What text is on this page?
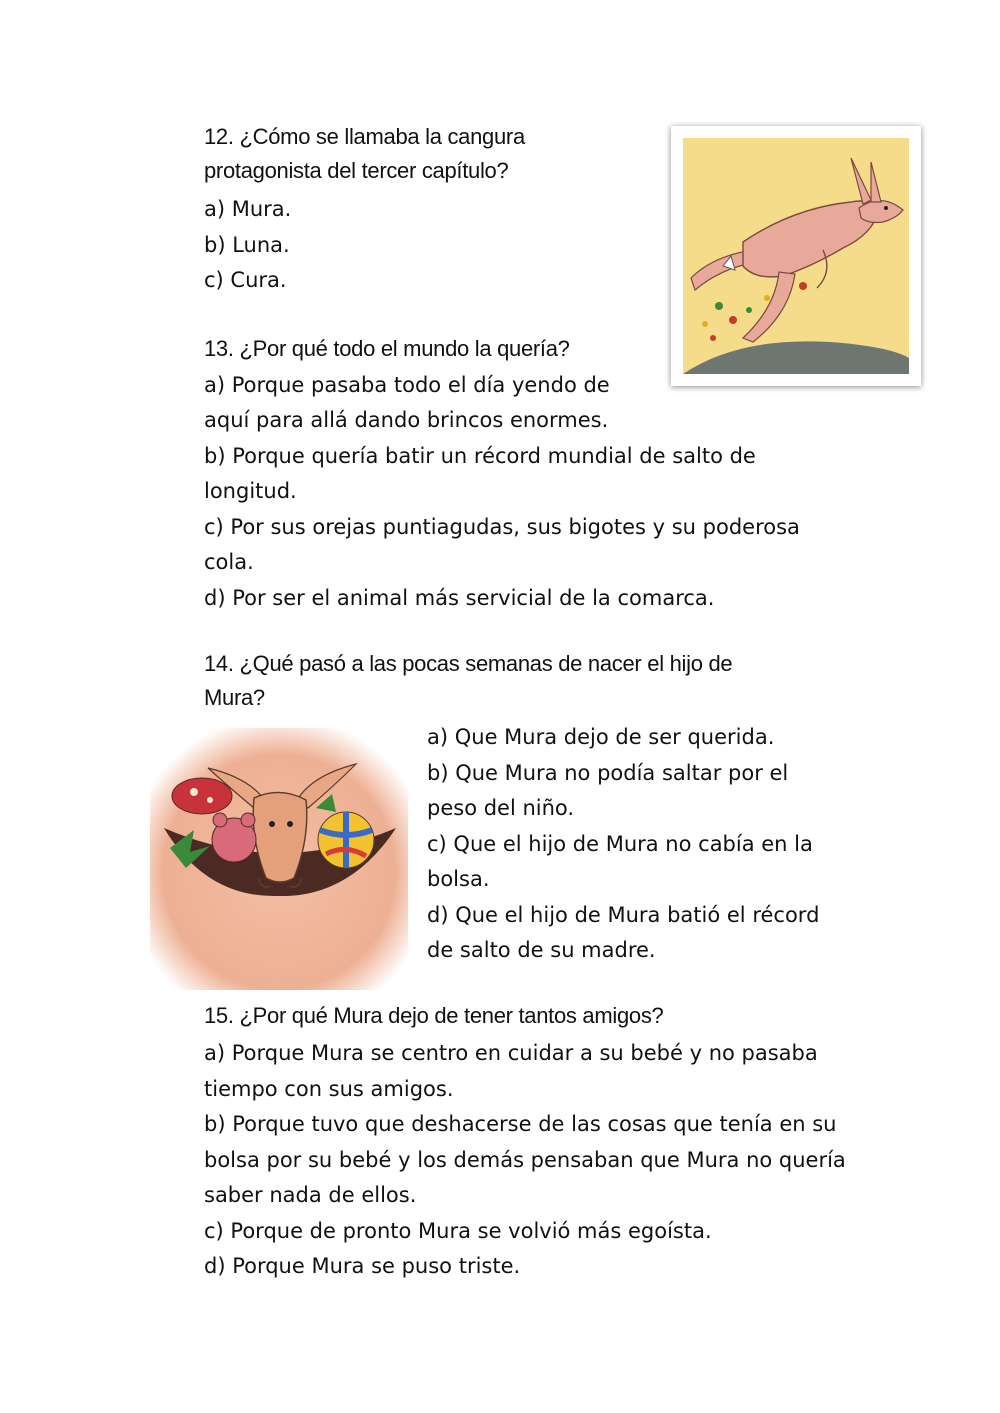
12. ¿Cómo se llamaba la cangura
protagonista del tercer capítulo?
a) Mura.
b) Luna.
c) Cura.
13. ¿Por qué todo el mundo la quería?
a) Porque pasaba todo el día yendo de
aquí para allá dando brincos enormes.
b) Porque quería batir un récord mundial de salto de
longitud.
c) Por sus orejas puntiagudas, sus bigotes y su poderosa
cola.
d) Por ser el animal más servicial de la comarca.
14. ¿Qué pasó a las pocas semanas de nacer el hijo de
Mura?
a) Que Mura dejo de ser querida.
b) Que Mura no podía saltar por el
peso del niño.
c) Que el hijo de Mura no cabía en la
bolsa.
d) Que el hijo de Mura batió el récord
de salto de su madre.
15. ¿Por qué Mura dejo de tener tantos amigos?
a) Porque Mura se centro en cuidar a su bebé y no pasaba
tiempo con sus amigos.
b) Porque tuvo que deshacerse de las cosas que tenía en su
bolsa por su bebé y los demás pensaban que Mura no quería
saber nada de ellos.
c) Porque de pronto Mura se volvió más egoísta.
d) Porque Mura se puso triste.
